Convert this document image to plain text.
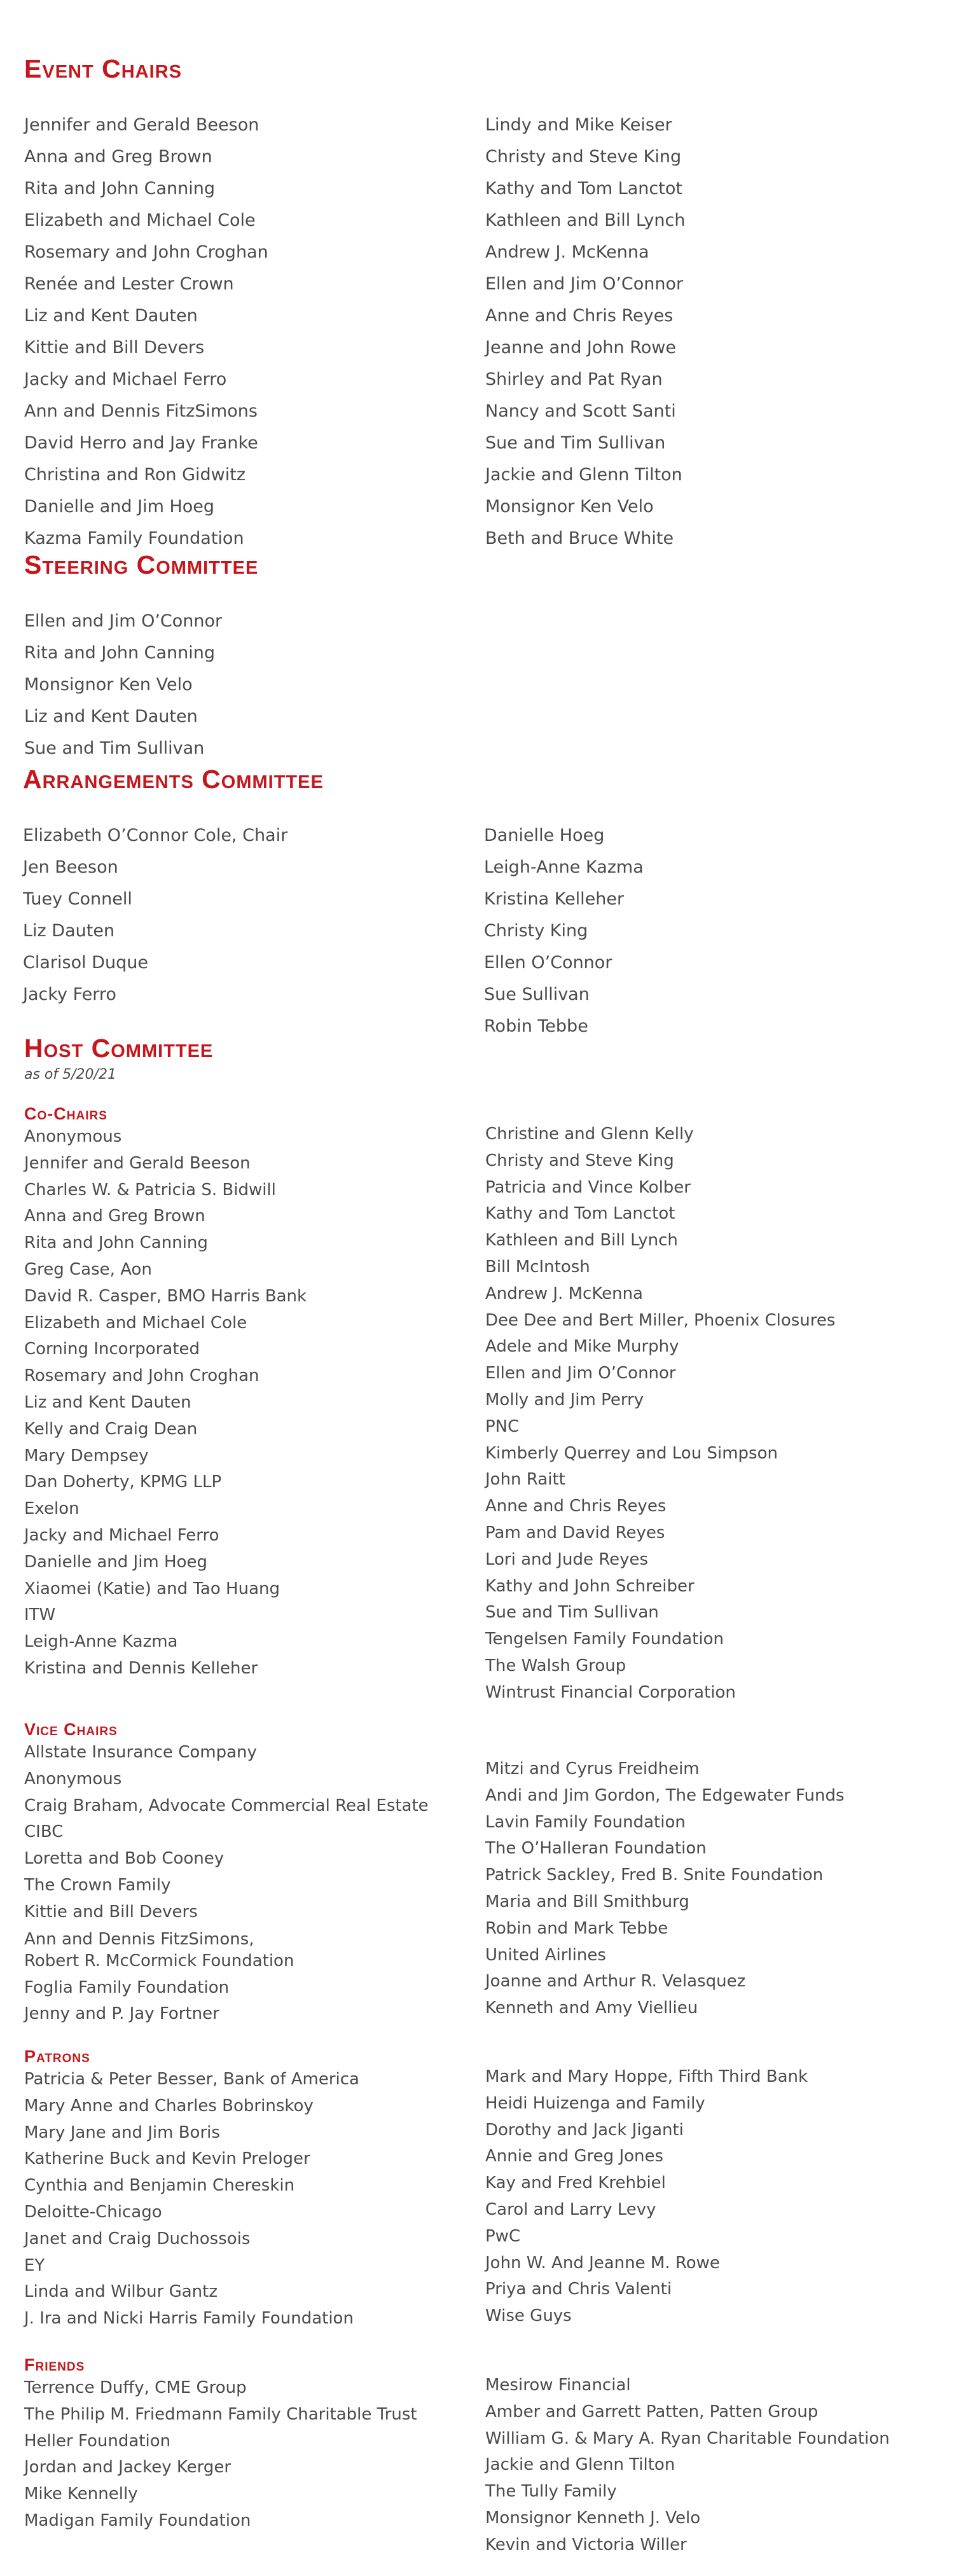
Event Chairs
Jennifer and Gerald Beeson
Anna and Greg Brown
Rita and John Canning
Elizabeth and Michael Cole
Rosemary and John Croghan
Renée and Lester Crown
Liz and Kent Dauten
Kittie and Bill Devers
Jacky and Michael Ferro
Ann and Dennis FitzSimons
David Herro and Jay Franke
Christina and Ron Gidwitz
Danielle and Jim Hoeg
Kazma Family Foundation
Lindy and Mike Keiser
Christy and Steve King
Kathy and Tom Lanctot
Kathleen and Bill Lynch
Andrew J. McKenna
Ellen and Jim O’Connor
Anne and Chris Reyes
Jeanne and John Rowe
Shirley and Pat Ryan
Nancy and Scott Santi
Sue and Tim Sullivan
Jackie and Glenn Tilton
Monsignor Ken Velo
Beth and Bruce White
Steering Committee
Ellen and Jim O’Connor
Rita and John Canning
Monsignor Ken Velo
Liz and Kent Dauten
Sue and Tim Sullivan
Arrangements Committee
Elizabeth O’Connor Cole, Chair
Jen Beeson
Tuey Connell
Liz Dauten
Clarisol Duque
Jacky Ferro
Danielle Hoeg
Leigh-Anne Kazma
Kristina Kelleher
Christy King
Ellen O’Connor
Sue Sullivan
Robin Tebbe
Host Committee
as of 5/20/21
Co-Chairs
Anonymous
Jennifer and Gerald Beeson
Charles W. & Patricia S. Bidwill
Anna and Greg Brown
Rita and John Canning
Greg Case, Aon
David R. Casper, BMO Harris Bank
Elizabeth and Michael Cole
Corning Incorporated
Rosemary and John Croghan
Liz and Kent Dauten
Kelly and Craig Dean
Mary Dempsey
Dan Doherty, KPMG LLP
Exelon
Jacky and Michael Ferro
Danielle and Jim Hoeg
Xiaomei (Katie) and Tao Huang
ITW
Leigh-Anne Kazma
Kristina and Dennis Kelleher
Christine and Glenn Kelly
Christy and Steve King
Patricia and Vince Kolber
Kathy and Tom Lanctot
Kathleen and Bill Lynch
Bill McIntosh
Andrew J. McKenna
Dee Dee and Bert Miller, Phoenix Closures
Adele and Mike Murphy
Ellen and Jim O’Connor
Molly and Jim Perry
PNC
Kimberly Querrey and Lou Simpson
John Raitt
Anne and Chris Reyes
Pam and David Reyes
Lori and Jude Reyes
Kathy and John Schreiber
Sue and Tim Sullivan
Tengelsen Family Foundation
The Walsh Group
Wintrust Financial Corporation
Vice Chairs
Allstate Insurance Company
Anonymous
Craig Braham, Advocate Commercial Real Estate
CIBC
Loretta and Bob Cooney
The Crown Family
Kittie and Bill Devers
Ann and Dennis FitzSimons,
Robert R. McCormick Foundation
Foglia Family Foundation
Jenny and P. Jay Fortner
Mitzi and Cyrus Freidheim
Andi and Jim Gordon, The Edgewater Funds
Lavin Family Foundation
The O’Halleran Foundation
Patrick Sackley, Fred B. Snite Foundation
Maria and Bill Smithburg
Robin and Mark Tebbe
United Airlines
Joanne and Arthur R. Velasquez
Kenneth and Amy Viellieu
Patrons
Patricia & Peter Besser, Bank of America
Mary Anne and Charles Bobrinskoy
Mary Jane and Jim Boris
Katherine Buck and Kevin Preloger
Cynthia and Benjamin Chereskin
Deloitte-Chicago
Janet and Craig Duchossois
EY
Linda and Wilbur Gantz
J. Ira and Nicki Harris Family Foundation
Mark and Mary Hoppe, Fifth Third Bank
Heidi Huizenga and Family
Dorothy and Jack Jiganti
Annie and Greg Jones
Kay and Fred Krehbiel
Carol and Larry Levy
PwC
John W. And Jeanne M. Rowe
Priya and Chris Valenti
Wise Guys
Friends
Terrence Duffy, CME Group
The Philip M. Friedmann Family Charitable Trust
Heller Foundation
Jordan and Jackey Kerger
Mike Kennelly
Madigan Family Foundation
Mesirow Financial
Amber and Garrett Patten, Patten Group
William G. & Mary A. Ryan Charitable Foundation
Jackie and Glenn Tilton
The Tully Family
Monsignor Kenneth J. Velo
Kevin and Victoria Willer
